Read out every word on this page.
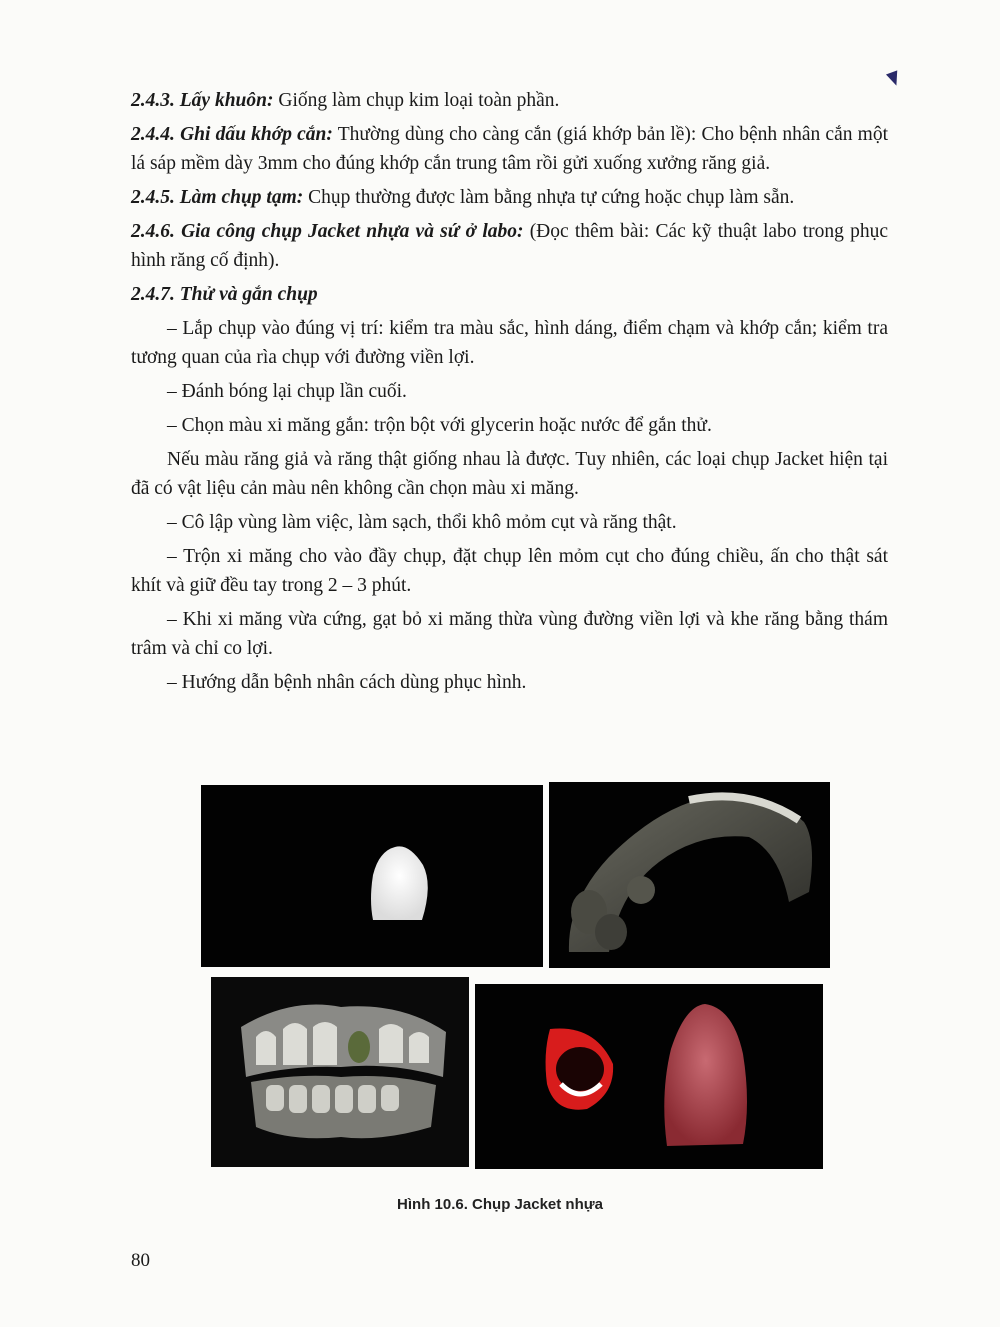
2.4.3. Lấy khuôn: Giống làm chụp kim loại toàn phần.

2.4.4. Ghi dấu khớp cắn: Thường dùng cho càng cắn (giá khớp bản lề): Cho bệnh nhân cắn một lá sáp mềm dày 3mm cho đúng khớp cắn trung tâm rồi gửi xuống xưởng răng giả.

2.4.5. Làm chụp tạm: Chụp thường được làm bằng nhựa tự cứng hoặc chụp làm sẵn.

2.4.6. Gia công chụp Jacket nhựa và sứ ở labo: (Đọc thêm bài: Các kỹ thuật labo trong phục hình răng cố định).

2.4.7. Thử và gắn chụp

– Lắp chụp vào đúng vị trí: kiểm tra màu sắc, hình dáng, điểm chạm và khớp cắn; kiểm tra tương quan của rìa chụp với đường viền lợi.

– Đánh bóng lại chụp lần cuối.

– Chọn màu xi măng gắn: trộn bột với glycerin hoặc nước để gắn thử.

Nếu màu răng giả và răng thật giống nhau là được. Tuy nhiên, các loại chụp Jacket hiện tại đã có vật liệu cản màu nên không cần chọn màu xi măng.

– Cô lập vùng làm việc, làm sạch, thổi khô mỏm cụt và răng thật.

– Trộn xi măng cho vào đầy chụp, đặt chụp lên mỏm cụt cho đúng chiều, ấn cho thật sát khít và giữ đều tay trong 2 – 3 phút.

– Khi xi măng vừa cứng, gạt bỏ xi măng thừa vùng đường viền lợi và khe răng bằng thám trâm và chỉ co lợi.

– Hướng dẫn bệnh nhân cách dùng phục hình.

Hình 10.6. Chụp Jacket nhựa
80
